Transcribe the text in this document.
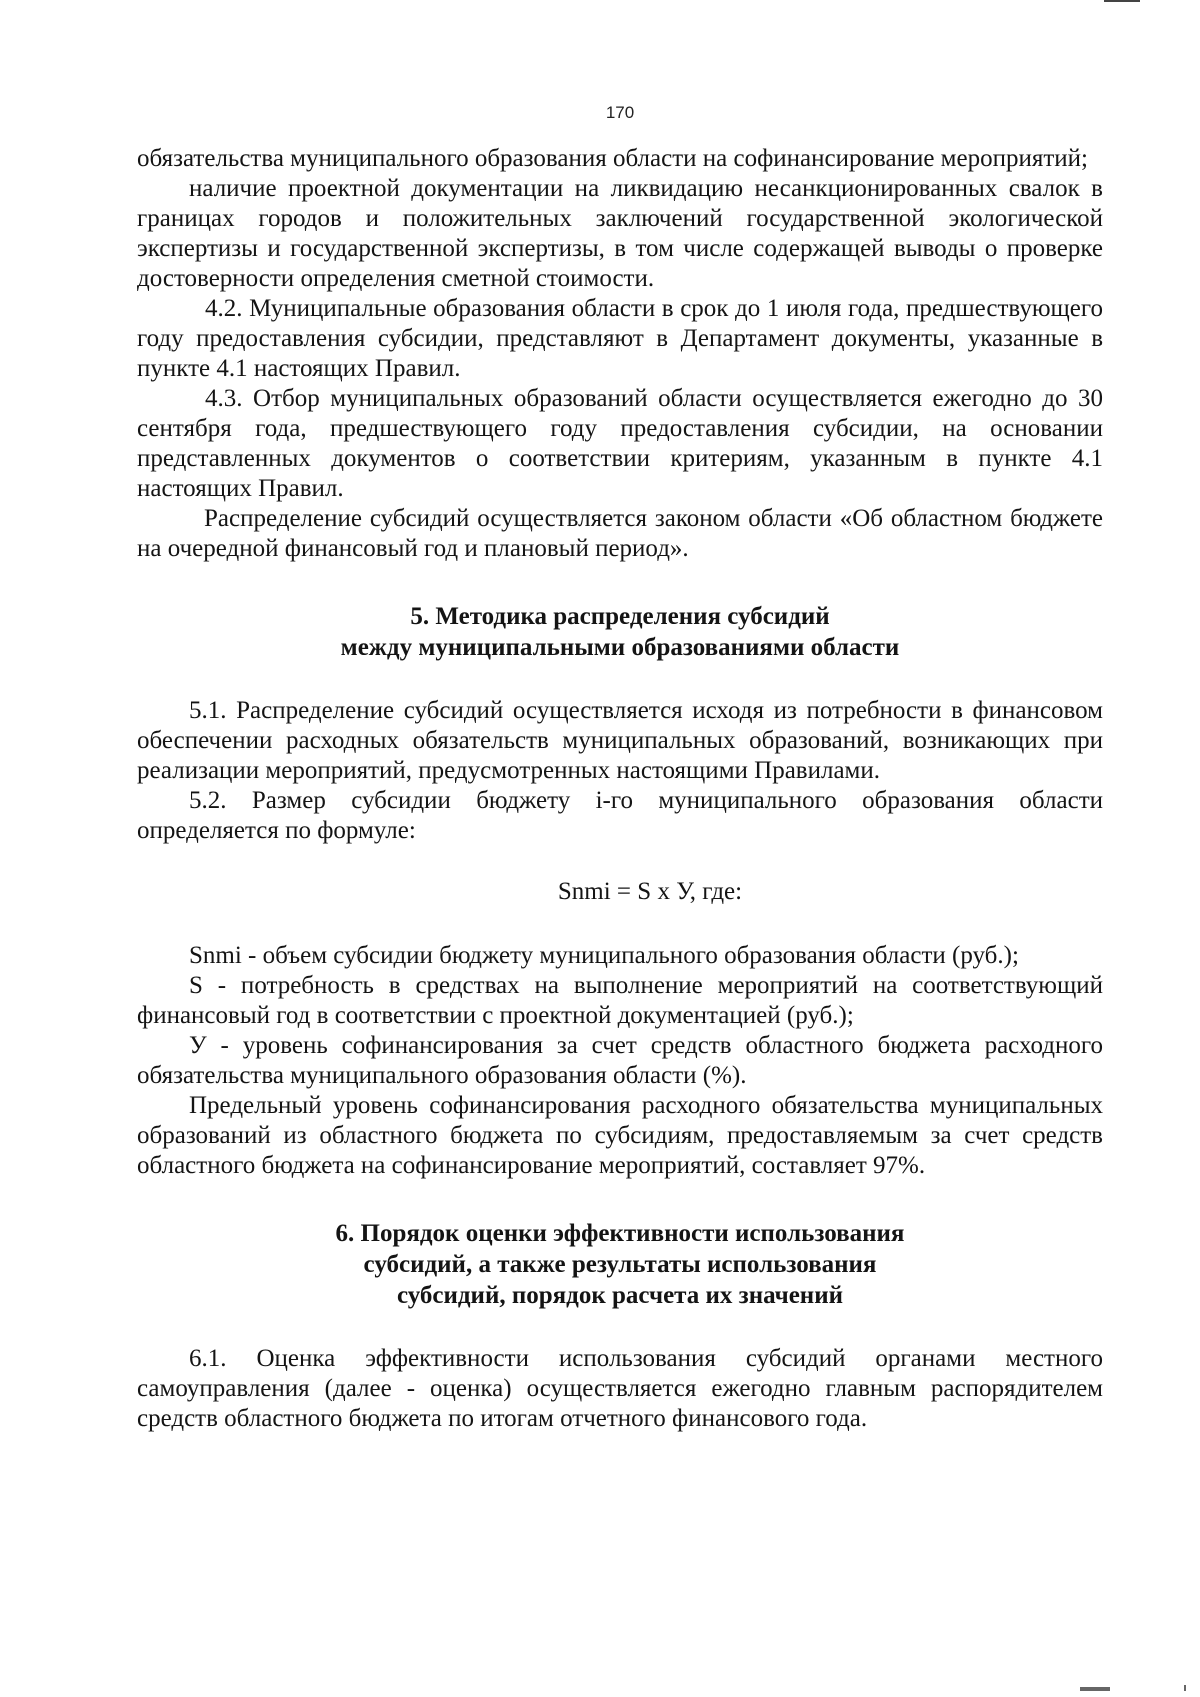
170

обязательства муниципального образования области на софинансирование мероприятий;

наличие проектной документации на ликвидацию несанкционированных свалок в границах городов и положительных заключений государственной экологической экспертизы и государственной экспертизы, в том числе содержащей выводы о проверке достоверности определения сметной стоимости.

4.2. Муниципальные образования области в срок до 1 июля года, предшествующего году предоставления субсидии, представляют в Департамент документы, указанные в пункте 4.1 настоящих Правил.

4.3. Отбор муниципальных образований области осуществляется ежегодно до 30 сентября года, предшествующего году предоставления субсидии, на основании представленных документов о соответствии критериям, указанным в пункте 4.1 настоящих Правил.

Распределение субсидий осуществляется законом области «Об областном бюджете на очередной финансовый год и плановый период».

5. Методика распределения субсидий
между муниципальными образованиями области

5.1. Распределение субсидий осуществляется исходя из потребности в финансовом обеспечении расходных обязательств муниципальных образований, возникающих при реализации мероприятий, предусмотренных настоящими Правилами.

5.2. Размер субсидии бюджету i-го муниципального образования области определяется по формуле:

Snmi = S х У, где:

Snmi - объем субсидии бюджету муниципального образования области (руб.);

S - потребность в средствах на выполнение мероприятий на соответствующий финансовый год в соответствии с проектной документацией (руб.);

У - уровень софинансирования за счет средств областного бюджета расходного обязательства муниципального образования области (%).

Предельный уровень софинансирования расходного обязательства муниципальных образований из областного бюджета по субсидиям, предоставляемым за счет средств областного бюджета на софинансирование мероприятий, составляет 97%.

6. Порядок оценки эффективности использования
субсидий, а также результаты использования
субсидий, порядок расчета их значений

6.1. Оценка эффективности использования субсидий органами местного самоуправления (далее - оценка) осуществляется ежегодно главным распорядителем средств областного бюджета по итогам отчетного финансового года.
